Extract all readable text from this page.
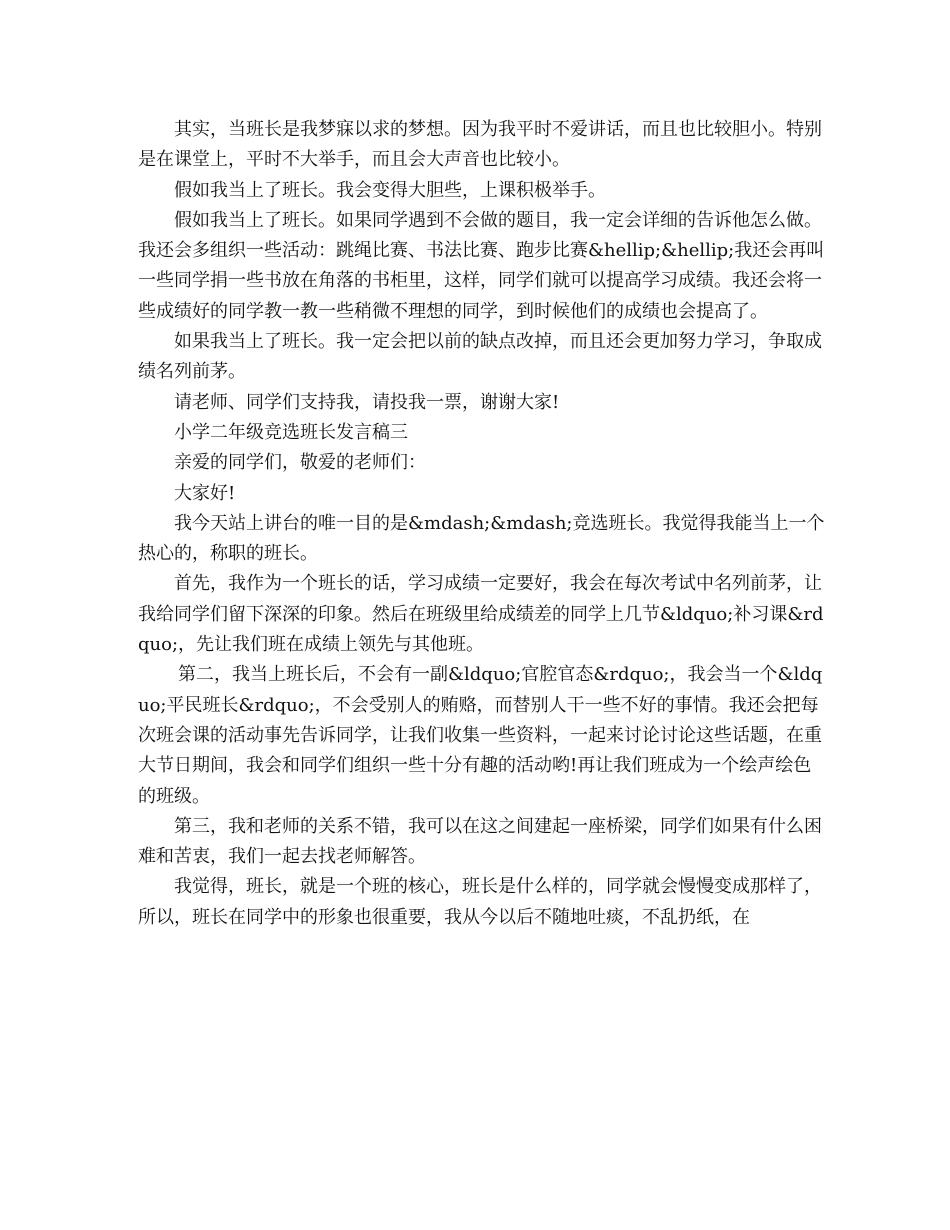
其实，当班长是我梦寐以求的梦想。因为我平时不爱讲话，而且也比较胆小。特别是在课堂上，平时不大举手，而且会大声音也比较小。

假如我当上了班长。我会变得大胆些，上课积极举手。

假如我当上了班长。如果同学遇到不会做的题目，我一定会详细的告诉他怎么做。我还会多组织一些活动：跳绳比赛、书法比赛、跑步比赛&hellip;&hellip;我还会再叫一些同学捐一些书放在角落的书柜里，这样，同学们就可以提高学习成绩。我还会将一些成绩好的同学教一教一些稍微不理想的同学，到时候他们的成绩也会提高了。

如果我当上了班长。我一定会把以前的缺点改掉，而且还会更加努力学习，争取成绩名列前茅。

请老师、同学们支持我，请投我一票，谢谢大家!

小学二年级竞选班长发言稿三

亲爱的同学们，敬爱的老师们：

大家好!

我今天站上讲台的唯一目的是&mdash;&mdash;竞选班长。我觉得我能当上一个热心的，称职的班长。

首先，我作为一个班长的话，学习成绩一定要好，我会在每次考试中名列前茅，让我给同学们留下深深的印象。然后在班级里给成绩差的同学上几节&ldquo;补习课&rdquo;，先让我们班在成绩上领先与其他班。

第二，我当上班长后，不会有一副&ldquo;官腔官态&rdquo;，我会当一个&ldquo;平民班长&rdquo;，不会受别人的贿赂，而替别人干一些不好的事情。我还会把每次班会课的活动事先告诉同学，让我们收集一些资料，一起来讨论讨论这些话题，在重大节日期间，我会和同学们组织一些十分有趣的活动哟!再让我们班成为一个绘声绘色的班级。

第三，我和老师的关系不错，我可以在这之间建起一座桥梁，同学们如果有什么困难和苦衷，我们一起去找老师解答。

我觉得，班长，就是一个班的核心，班长是什么样的，同学就会慢慢变成那样了，所以，班长在同学中的形象也很重要，我从今以后不随地吐痰，不乱扔纸，在
